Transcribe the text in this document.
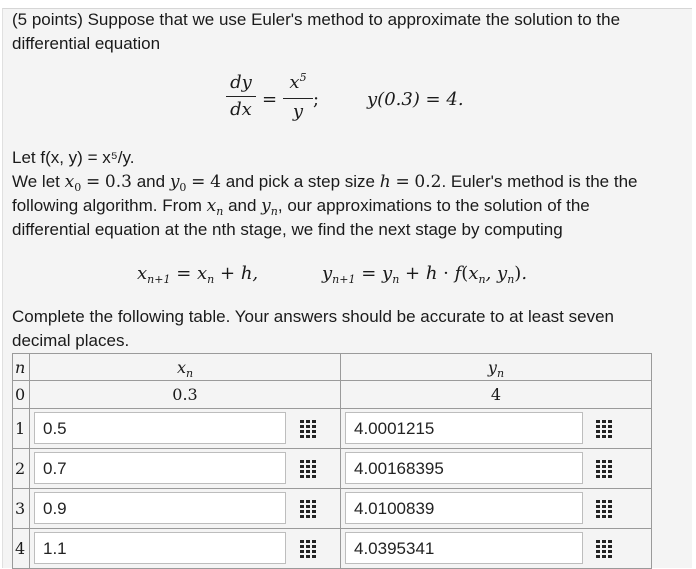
(5 points) Suppose that we use Euler's method to approximate the solution to the
differential equation
dy
dx =
$x^5$
y
;	y(0.3) = 4.
Let f(x, y) = x⁵/y.
We let $x_0 = 0.3$ and $y_0 = 4$ and pick a step size h = 0.2. Euler's method is the the
following algorithm. From $x_n$ and $y_n$, our approximations to the solution of the
differential equation at the nth stage, we find the next stage by computing
$x_{n+1} = x_n + h$,	$y_{n+1} = y_n + h \cdot f(x_n$, $y_n$).
Complete the following table. Your answers should be accurate to at least seven
decimal places.
n	$x_n$	$y_n$
0	0.3	4
1	0.5	4.0001215

2	0.7	4.00168395

3	0.9	4.0100839

4	1.1	4.0395341
